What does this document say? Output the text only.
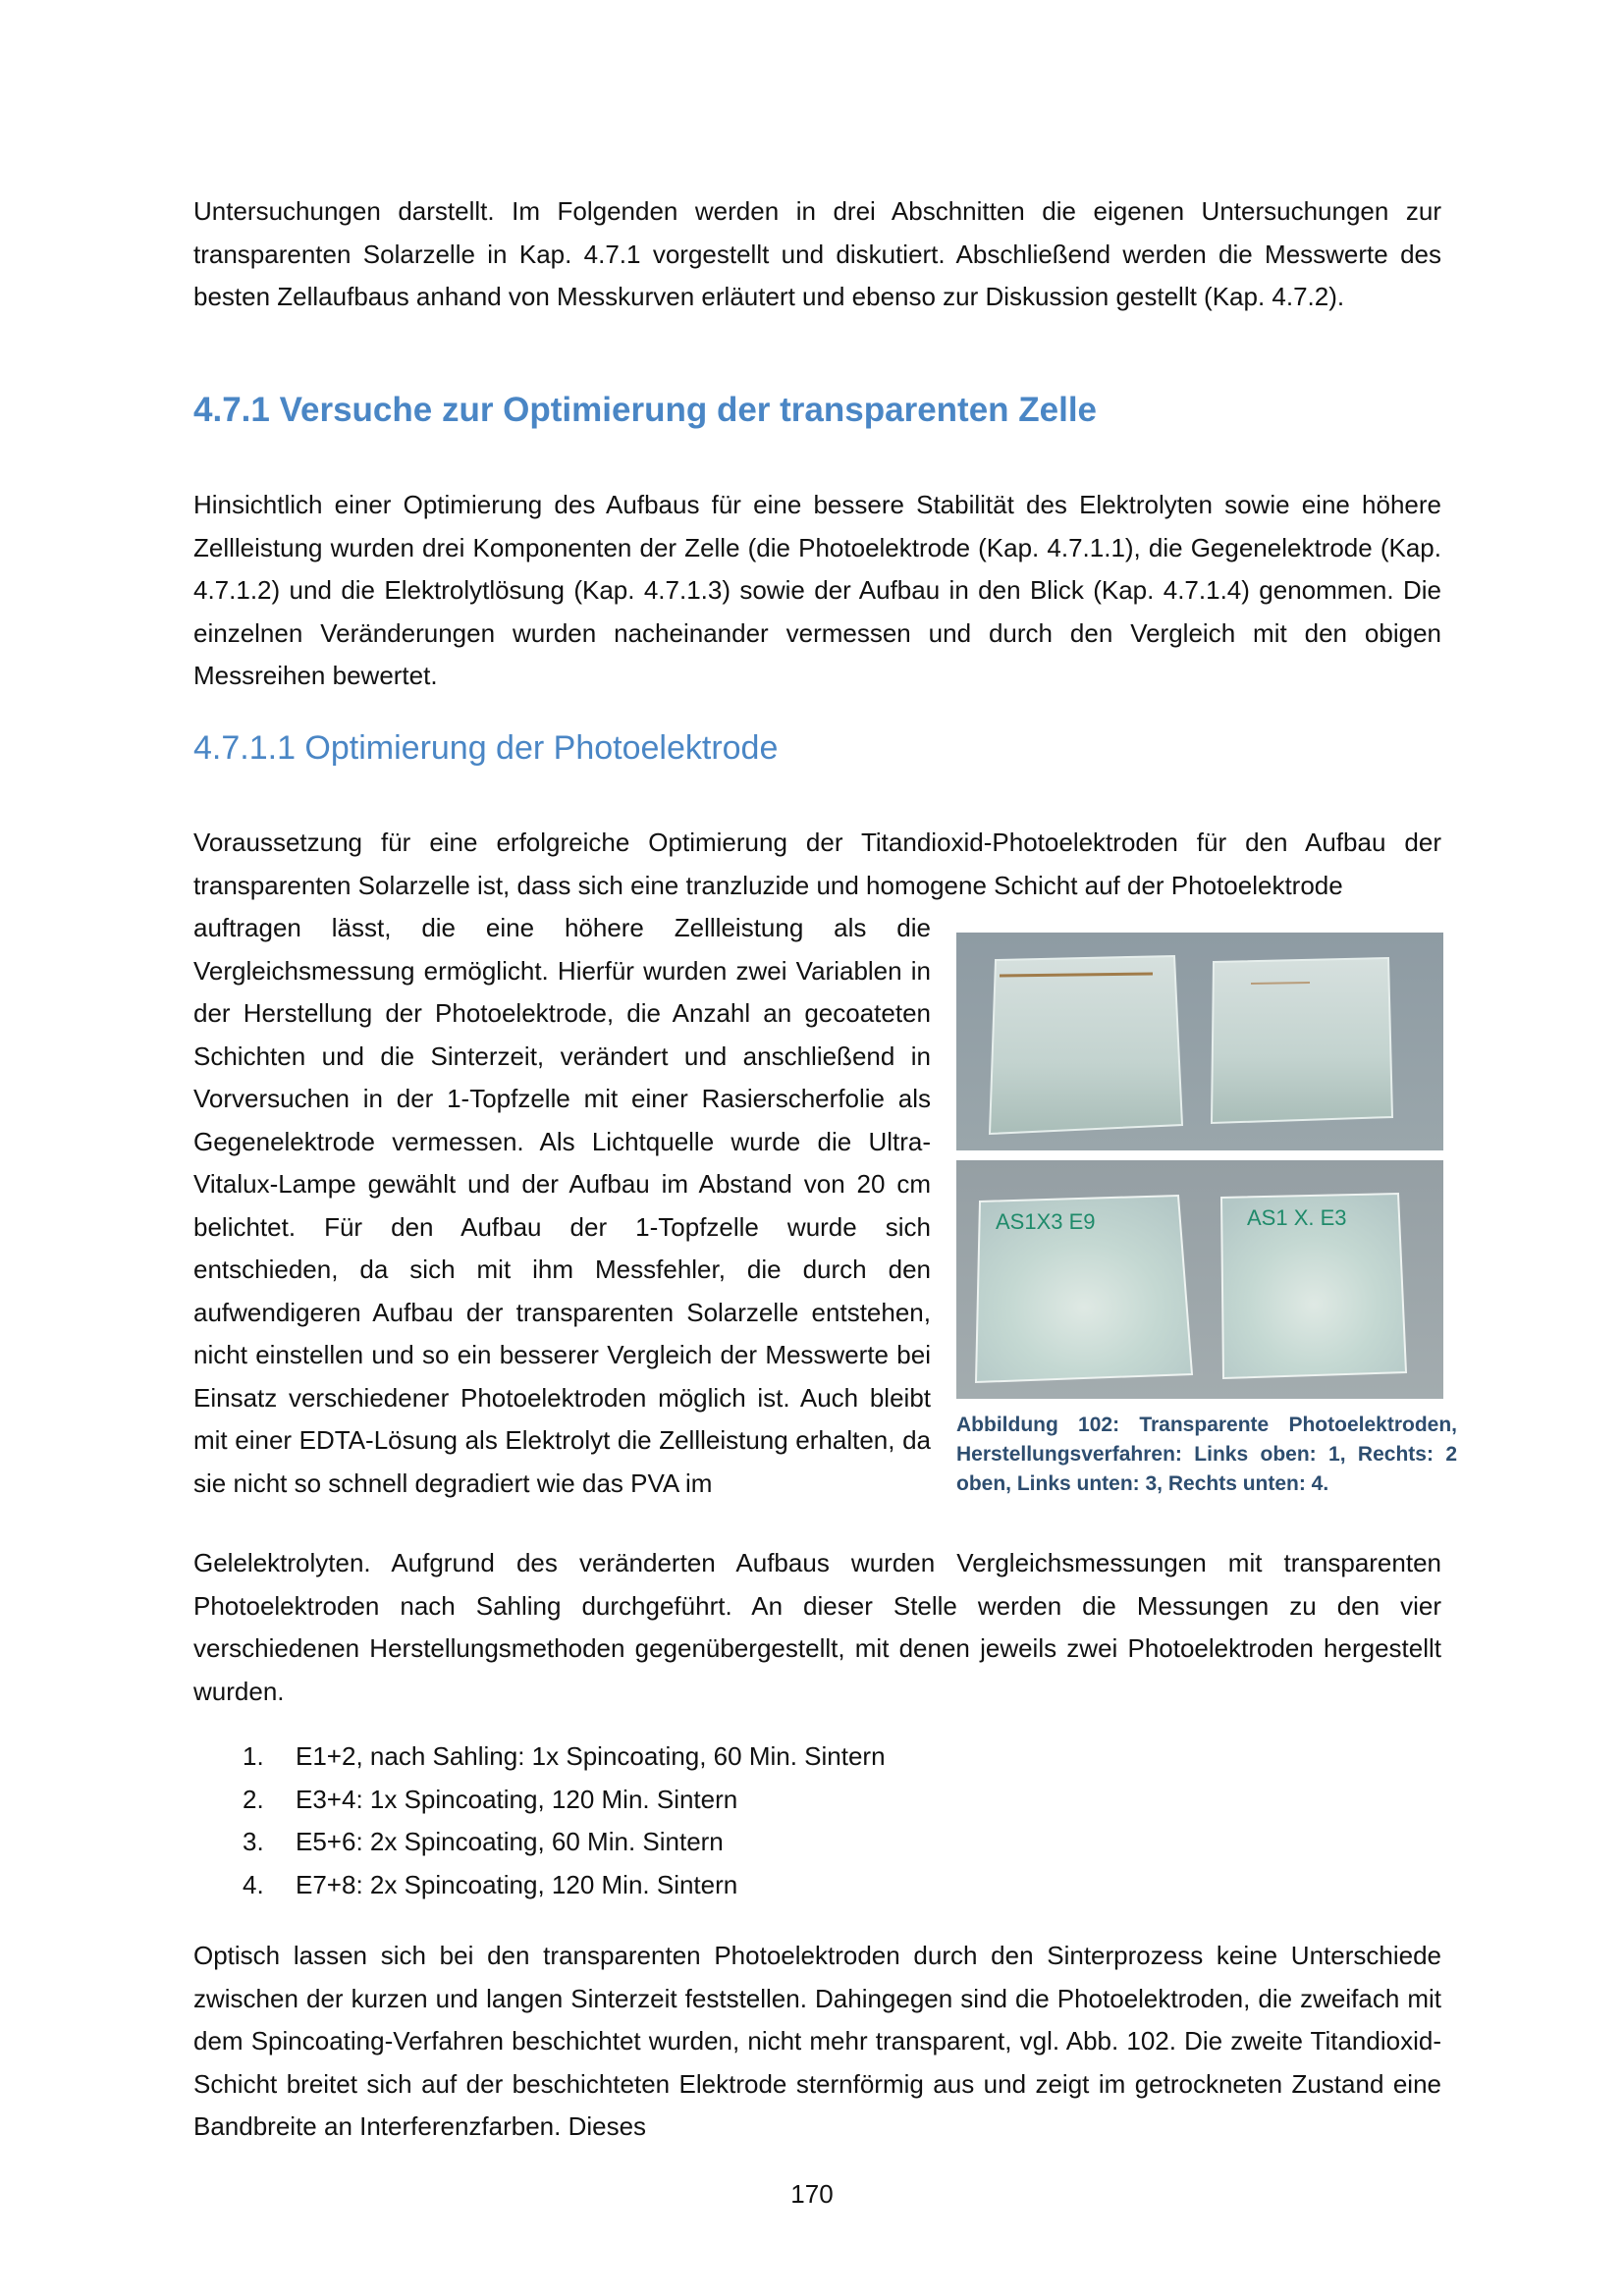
Untersuchungen darstellt. Im Folgenden werden in drei Abschnitten die eigenen Untersuchungen zur transparenten Solarzelle in Kap. 4.7.1 vorgestellt und diskutiert. Abschließend werden die Messwerte des besten Zellaufbaus anhand von Messkurven erläutert und ebenso zur Diskussion gestellt (Kap. 4.7.2).

4.7.1 Versuche zur Optimierung der transparenten Zelle

Hinsichtlich einer Optimierung des Aufbaus für eine bessere Stabilität des Elektrolyten sowie eine höhere Zellleistung wurden drei Komponenten der Zelle (die Photoelektrode (Kap. 4.7.1.1), die Gegenelektrode (Kap. 4.7.1.2) und die Elektrolytlösung (Kap. 4.7.1.3) sowie der Aufbau in den Blick (Kap. 4.7.1.4) genommen. Die einzelnen Veränderungen wurden nacheinander vermessen und durch den Vergleich mit den obigen Messreihen bewertet.

4.7.1.1 Optimierung der Photoelektrode

Voraussetzung für eine erfolgreiche Optimierung der Titandioxid-Photoelektroden für den Aufbau der transparenten Solarzelle ist, dass sich eine tranzluzide und homogene Schicht auf der Photoelektrode

auftragen lässt, die eine höhere Zellleistung als die Vergleichsmessung ermöglicht. Hierfür wurden zwei Variablen in der Herstellung der Photoelektrode, die Anzahl an gecoateten Schichten und die Sinterzeit, verändert und anschließend in Vorversuchen in der 1-Topfzelle mit einer Rasierscherfolie als Gegenelektrode vermessen. Als Lichtquelle wurde die Ultra-Vitalux-Lampe gewählt und der Aufbau im Abstand von 20 cm belichtet. Für den Aufbau der 1-Topfzelle wurde sich entschieden, da sich mit ihm Messfehler, die durch den aufwendigeren Aufbau der transparenten Solarzelle entstehen, nicht einstellen und so ein besserer Vergleich der Messwerte bei Einsatz verschiedener Photoelektroden möglich ist. Auch bleibt mit einer EDTA-Lösung als Elektrolyt die Zellleistung erhalten, da sie nicht so schnell degradiert wie das PVA im

Gelelektrolyten. Aufgrund des veränderten Aufbaus wurden Vergleichsmessungen mit transparenten Photoelektroden nach Sahling durchgeführt. An dieser Stelle werden die Messungen zu den vier verschiedenen Herstellungsmethoden gegenübergestellt, mit denen jeweils zwei Photoelektroden hergestellt wurden.

AS1X3 E9	AS1 X. E3

Abbildung 102: Transparente Photoelektroden, Herstellungsverfahren: Links oben: 1, Rechts: 2 oben, Links unten: 3, Rechts unten: 4.

1. E1+2, nach Sahling: 1x Spincoating, 60 Min. Sintern
2. E3+4: 1x Spincoating, 120 Min. Sintern
3. E5+6: 2x Spincoating, 60 Min. Sintern
4. E7+8: 2x Spincoating, 120 Min. Sintern

Optisch lassen sich bei den transparenten Photoelektroden durch den Sinterprozess keine Unterschiede zwischen der kurzen und langen Sinterzeit feststellen. Dahingegen sind die Photoelektroden, die zweifach mit dem Spincoating-Verfahren beschichtet wurden, nicht mehr transparent, vgl. Abb. 102. Die zweite Titandioxid-Schicht breitet sich auf der beschichteten Elektrode sternförmig aus und zeigt im getrockneten Zustand eine Bandbreite an Interferenzfarben. Dieses

170
